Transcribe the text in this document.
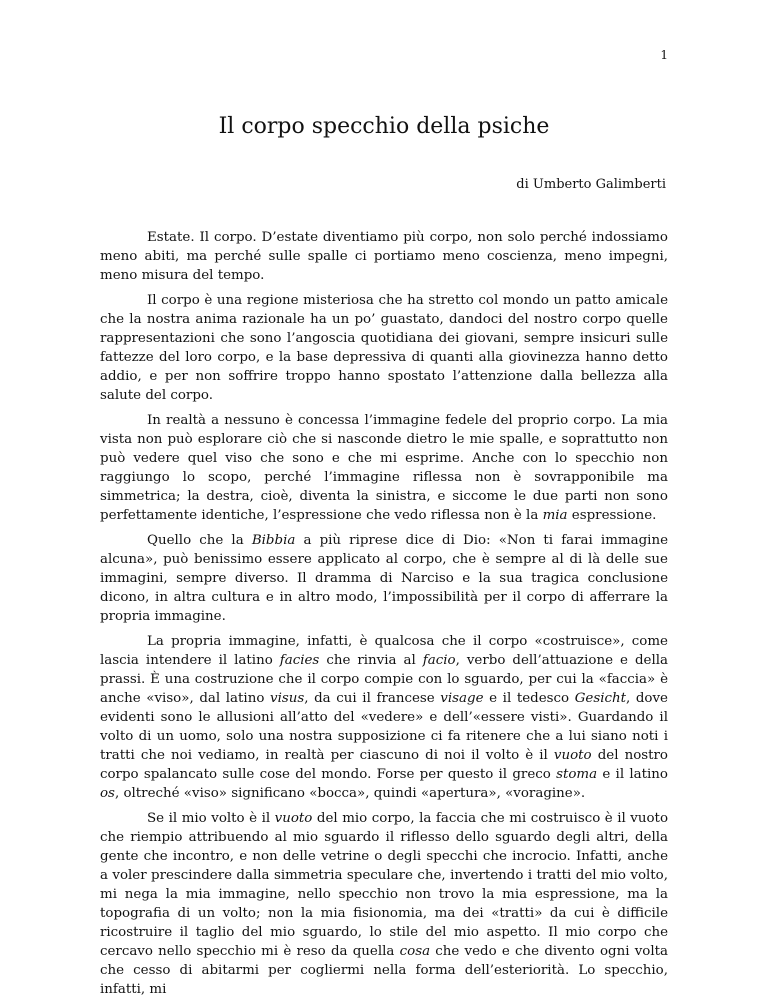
1
Il corpo specchio della psiche
di Umberto Galimberti

Estate. Il corpo. D’estate diventiamo più corpo, non solo perché indossiamo meno abiti, ma perché sulle spalle ci portiamo meno coscienza, meno impegni, meno misura del tempo.

Il corpo è una regione misteriosa che ha stretto col mondo un patto amicale che la nostra anima razionale ha un po’ guastato, dandoci del nostro corpo quelle rappresentazioni che sono l’angoscia quotidiana dei giovani, sempre insicuri sulle fattezze del loro corpo, e la base depressiva di quanti alla giovinezza hanno detto addio, e per non soffrire troppo hanno spostato l’attenzione dalla bellezza alla salute del corpo.

In realtà a nessuno è concessa l’immagine fedele del proprio corpo. La mia vista non può esplorare ciò che si nasconde dietro le mie spalle, e soprattutto non può vedere quel viso che sono e che mi esprime. Anche con lo specchio non raggiungo lo scopo, perché l’immagine riflessa non è sovrapponibile ma simmetrica; la destra, cioè, diventa la sinistra, e siccome le due parti non sono perfettamente identiche, l’espressione che vedo riflessa non è la mia espressione.

Quello che la Bibbia a più riprese dice di Dio: «Non ti farai immagine alcuna», può benissimo essere applicato al corpo, che è sempre al di là delle sue immagini, sempre diverso. Il dramma di Narciso e la sua tragica conclusione dicono, in altra cultura e in altro modo, l’impossibilità per il corpo di afferrare la propria immagine.

La propria immagine, infatti, è qualcosa che il corpo «costruisce», come lascia intendere il latino facies che rinvia al facio, verbo dell’attuazione e della prassi. È una costruzione che il corpo compie con lo sguardo, per cui la «faccia» è anche «viso», dal latino visus, da cui il francese visage e il tedesco Gesicht, dove evidenti sono le allusioni all’atto del «vedere» e dell’«essere visti». Guardando il volto di un uomo, solo una nostra supposizione ci fa ritenere che a lui siano noti i tratti che noi vediamo, in realtà per ciascuno di noi il volto è il vuoto del nostro corpo spalancato sulle cose del mondo. Forse per questo il greco stoma e il latino os, oltreché «viso» significano «bocca», quindi «apertura», «voragine».

Se il mio volto è il vuoto del mio corpo, la faccia che mi costruisco è il vuoto che riempio attribuendo al mio sguardo il riflesso dello sguardo degli altri, della gente che incontro, e non delle vetrine o degli specchi che incrocio. Infatti, anche a voler prescindere dalla simmetria speculare che, invertendo i tratti del mio volto, mi nega la mia immagine, nello specchio non trovo la mia espressione, ma la topografia di un volto; non la mia fisionomia, ma dei «tratti» da cui è difficile ricostruire il taglio del mio sguardo, lo stile del mio aspetto. Il mio corpo che cercavo nello specchio mi è reso da quella cosa che vedo e che divento ogni volta che cesso di abitarmi per cogliermi nella forma dell’esteriorità. Lo specchio, infatti, mi
